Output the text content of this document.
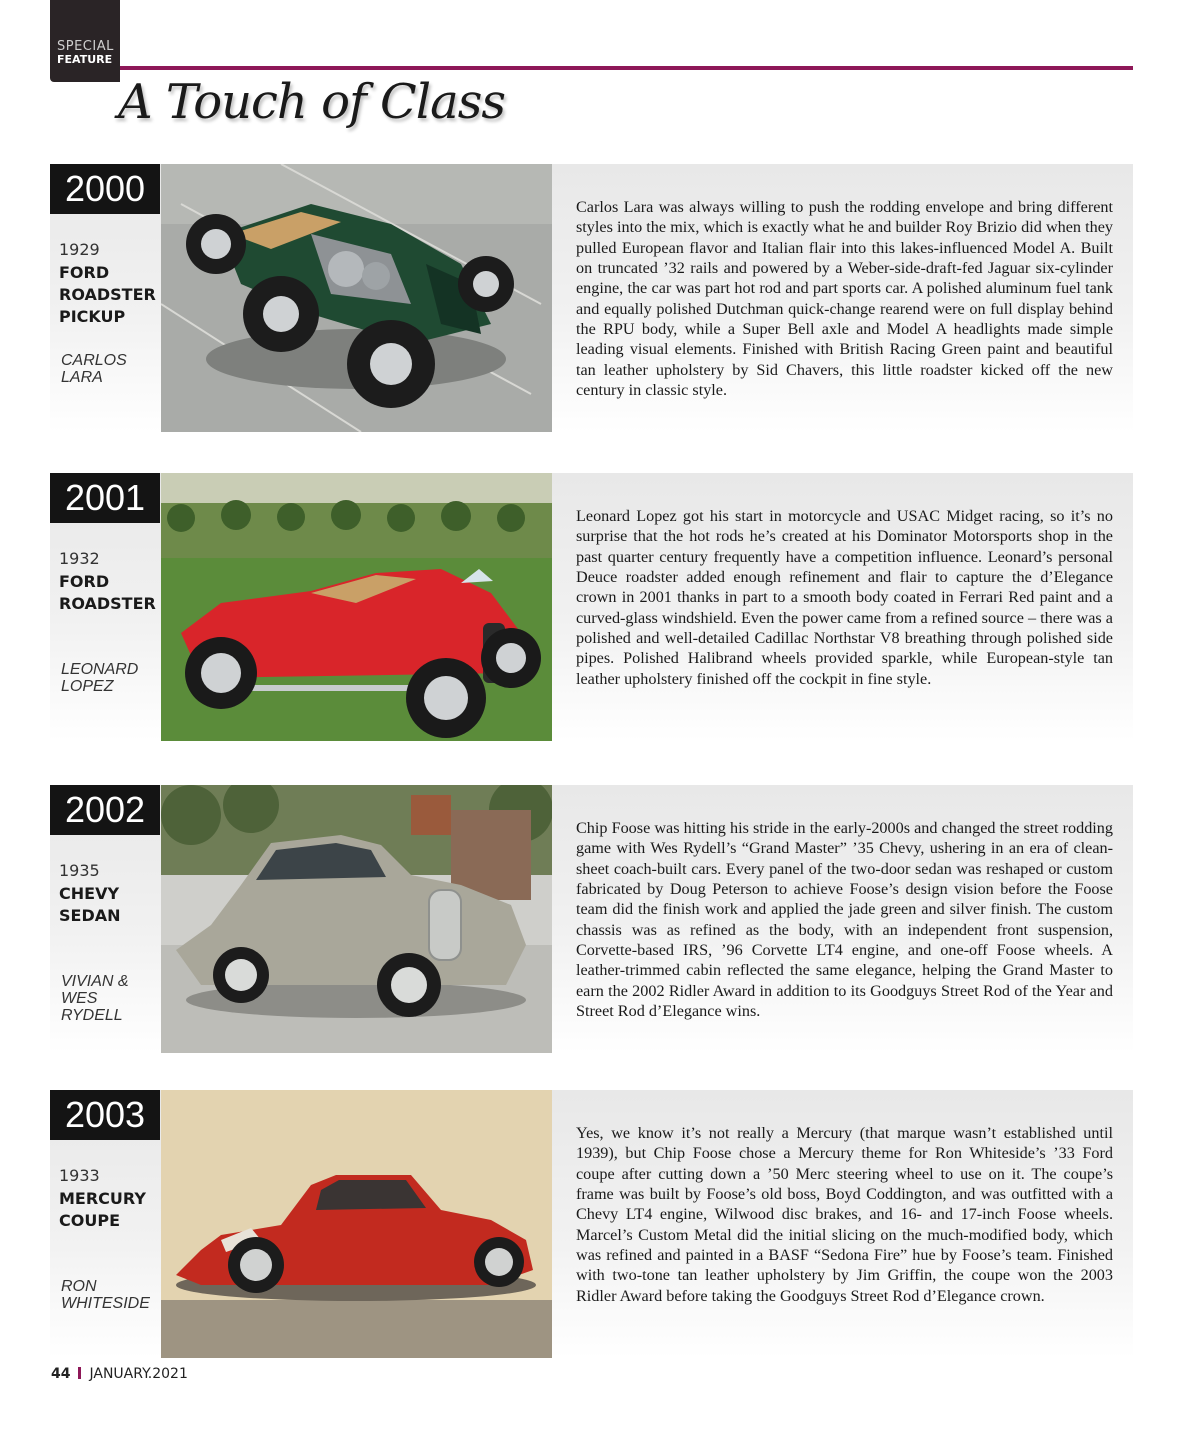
SPECIAL
FEATURE
A Touch of Class
2000
1929
FORD
ROADSTER
PICKUP
CARLOS
LARA
Carlos Lara was always willing to push the rodding envelope and bring different styles into the mix, which is exactly what he and builder Roy Brizio did when they pulled European flavor and Italian flair into this lakes-influenced Model A. Built on truncated ’32 rails and powered by a Weber-side-draft-fed Jaguar six-cylinder engine, the car was part hot rod and part sports car. A polished aluminum fuel tank and equally polished Dutchman quick-change rearend were on full display behind the RPU body, while a Super Bell axle and Model A headlights made simple leading visual elements. Finished with British Racing Green paint and beautiful tan leather upholstery by Sid Chavers, this little roadster kicked off the new century in classic style.
2001
1932
FORD
ROADSTER
LEONARD
LOPEZ
Leonard Lopez got his start in motorcycle and USAC Midget racing, so it’s no surprise that the hot rods he’s created at his Dominator Motorsports shop in the past quarter century frequently have a competition influence. Leonard’s personal Deuce roadster added enough refinement and flair to capture the d’Elegance crown in 2001 thanks in part to a smooth body coated in Ferrari Red paint and a curved-glass windshield. Even the power came from a refined source – there was a polished and well-detailed Cadillac Northstar V8 breathing through polished side pipes. Polished Halibrand wheels provided sparkle, while European-style tan leather upholstery finished off the cockpit in fine style.
2002
1935
CHEVY
SEDAN
VIVIAN &
WES RYDELL
Chip Foose was hitting his stride in the early-2000s and changed the street rodding game with Wes Rydell’s “Grand Master” ’35 Chevy, ushering in an era of clean-sheet coach-built cars. Every panel of the two-door sedan was reshaped or custom fabricated by Doug Peterson to achieve Foose’s design vision before the Foose team did the finish work and applied the jade green and silver finish. The custom chassis was as refined as the body, with an independent front suspension, Corvette-based IRS, ’96 Corvette LT4 engine, and one-off Foose wheels. A leather-trimmed cabin reflected the same elegance, helping the Grand Master to earn the 2002 Ridler Award in addition to its Goodguys Street Rod of the Year and Street Rod d’Elegance wins.
2003
1933
MERCURY
COUPE
RON
WHITESIDE
Yes, we know it’s not really a Mercury (that marque wasn’t established until 1939), but Chip Foose chose a Mercury theme for Ron Whiteside’s ’33 Ford coupe after cutting down a ’50 Merc steering wheel to use on it. The coupe’s frame was built by Foose’s old boss, Boyd Coddington, and was outfitted with a Chevy LT4 engine, Wilwood disc brakes, and 16- and 17-inch Foose wheels. Marcel’s Custom Metal did the initial slicing on the much-modified body, which was refined and painted in a BASF “Sedona Fire” hue by Foose’s team. Finished with two-tone tan leather upholstery by Jim Griffin, the coupe won the 2003 Ridler Award before taking the Goodguys Street Rod d’Elegance crown.
44 JANUARY.2021
